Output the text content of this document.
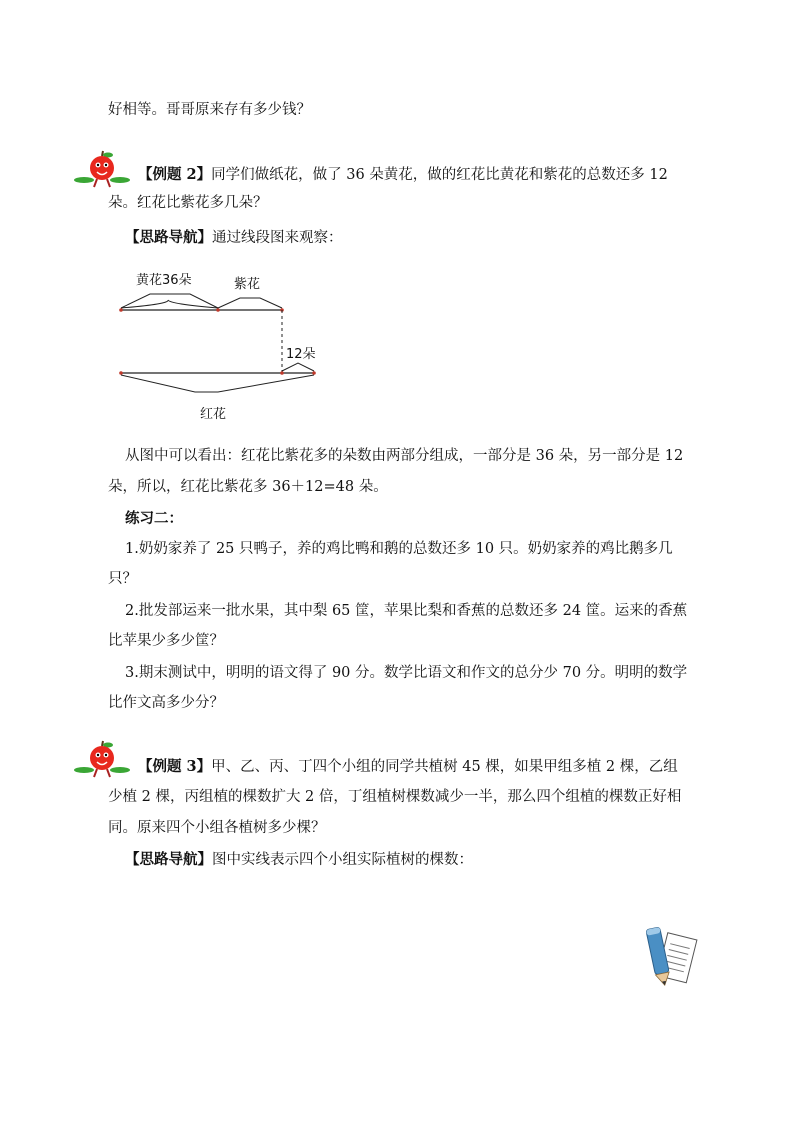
好相等。哥哥原来存有多少钱？
【例题 2】同学们做纸花，做了 36 朵黄花，做的红花比黄花和紫花的总数还多 12
朵。红花比紫花多几朵？
【思路导航】通过线段图来观察：
黄花36朵	紫花
12朵
红花
从图中可以看出：红花比紫花多的朵数由两部分组成，一部分是 36 朵，另一部分是 12
朵，所以，红花比紫花多 36＋12=48 朵。
练习二：
1.奶奶家养了 25 只鸭子，养的鸡比鸭和鹅的总数还多 10 只。奶奶家养的鸡比鹅多几
只？
2.批发部运来一批水果，其中梨 65 筐，苹果比梨和香蕉的总数还多 24 筐。运来的香蕉
比苹果少多少筐？
3.期末测试中，明明的语文得了 90 分。数学比语文和作文的总分少 70 分。明明的数学
比作文高多少分？
【例题 3】甲、乙、丙、丁四个小组的同学共植树 45 棵，如果甲组多植 2 棵，乙组
少植 2 棵，丙组植的棵数扩大 2 倍，丁组植树棵数减少一半，那么四个组植的棵数正好相
同。原来四个小组各植树多少棵？
【思路导航】图中实线表示四个小组实际植树的棵数：
